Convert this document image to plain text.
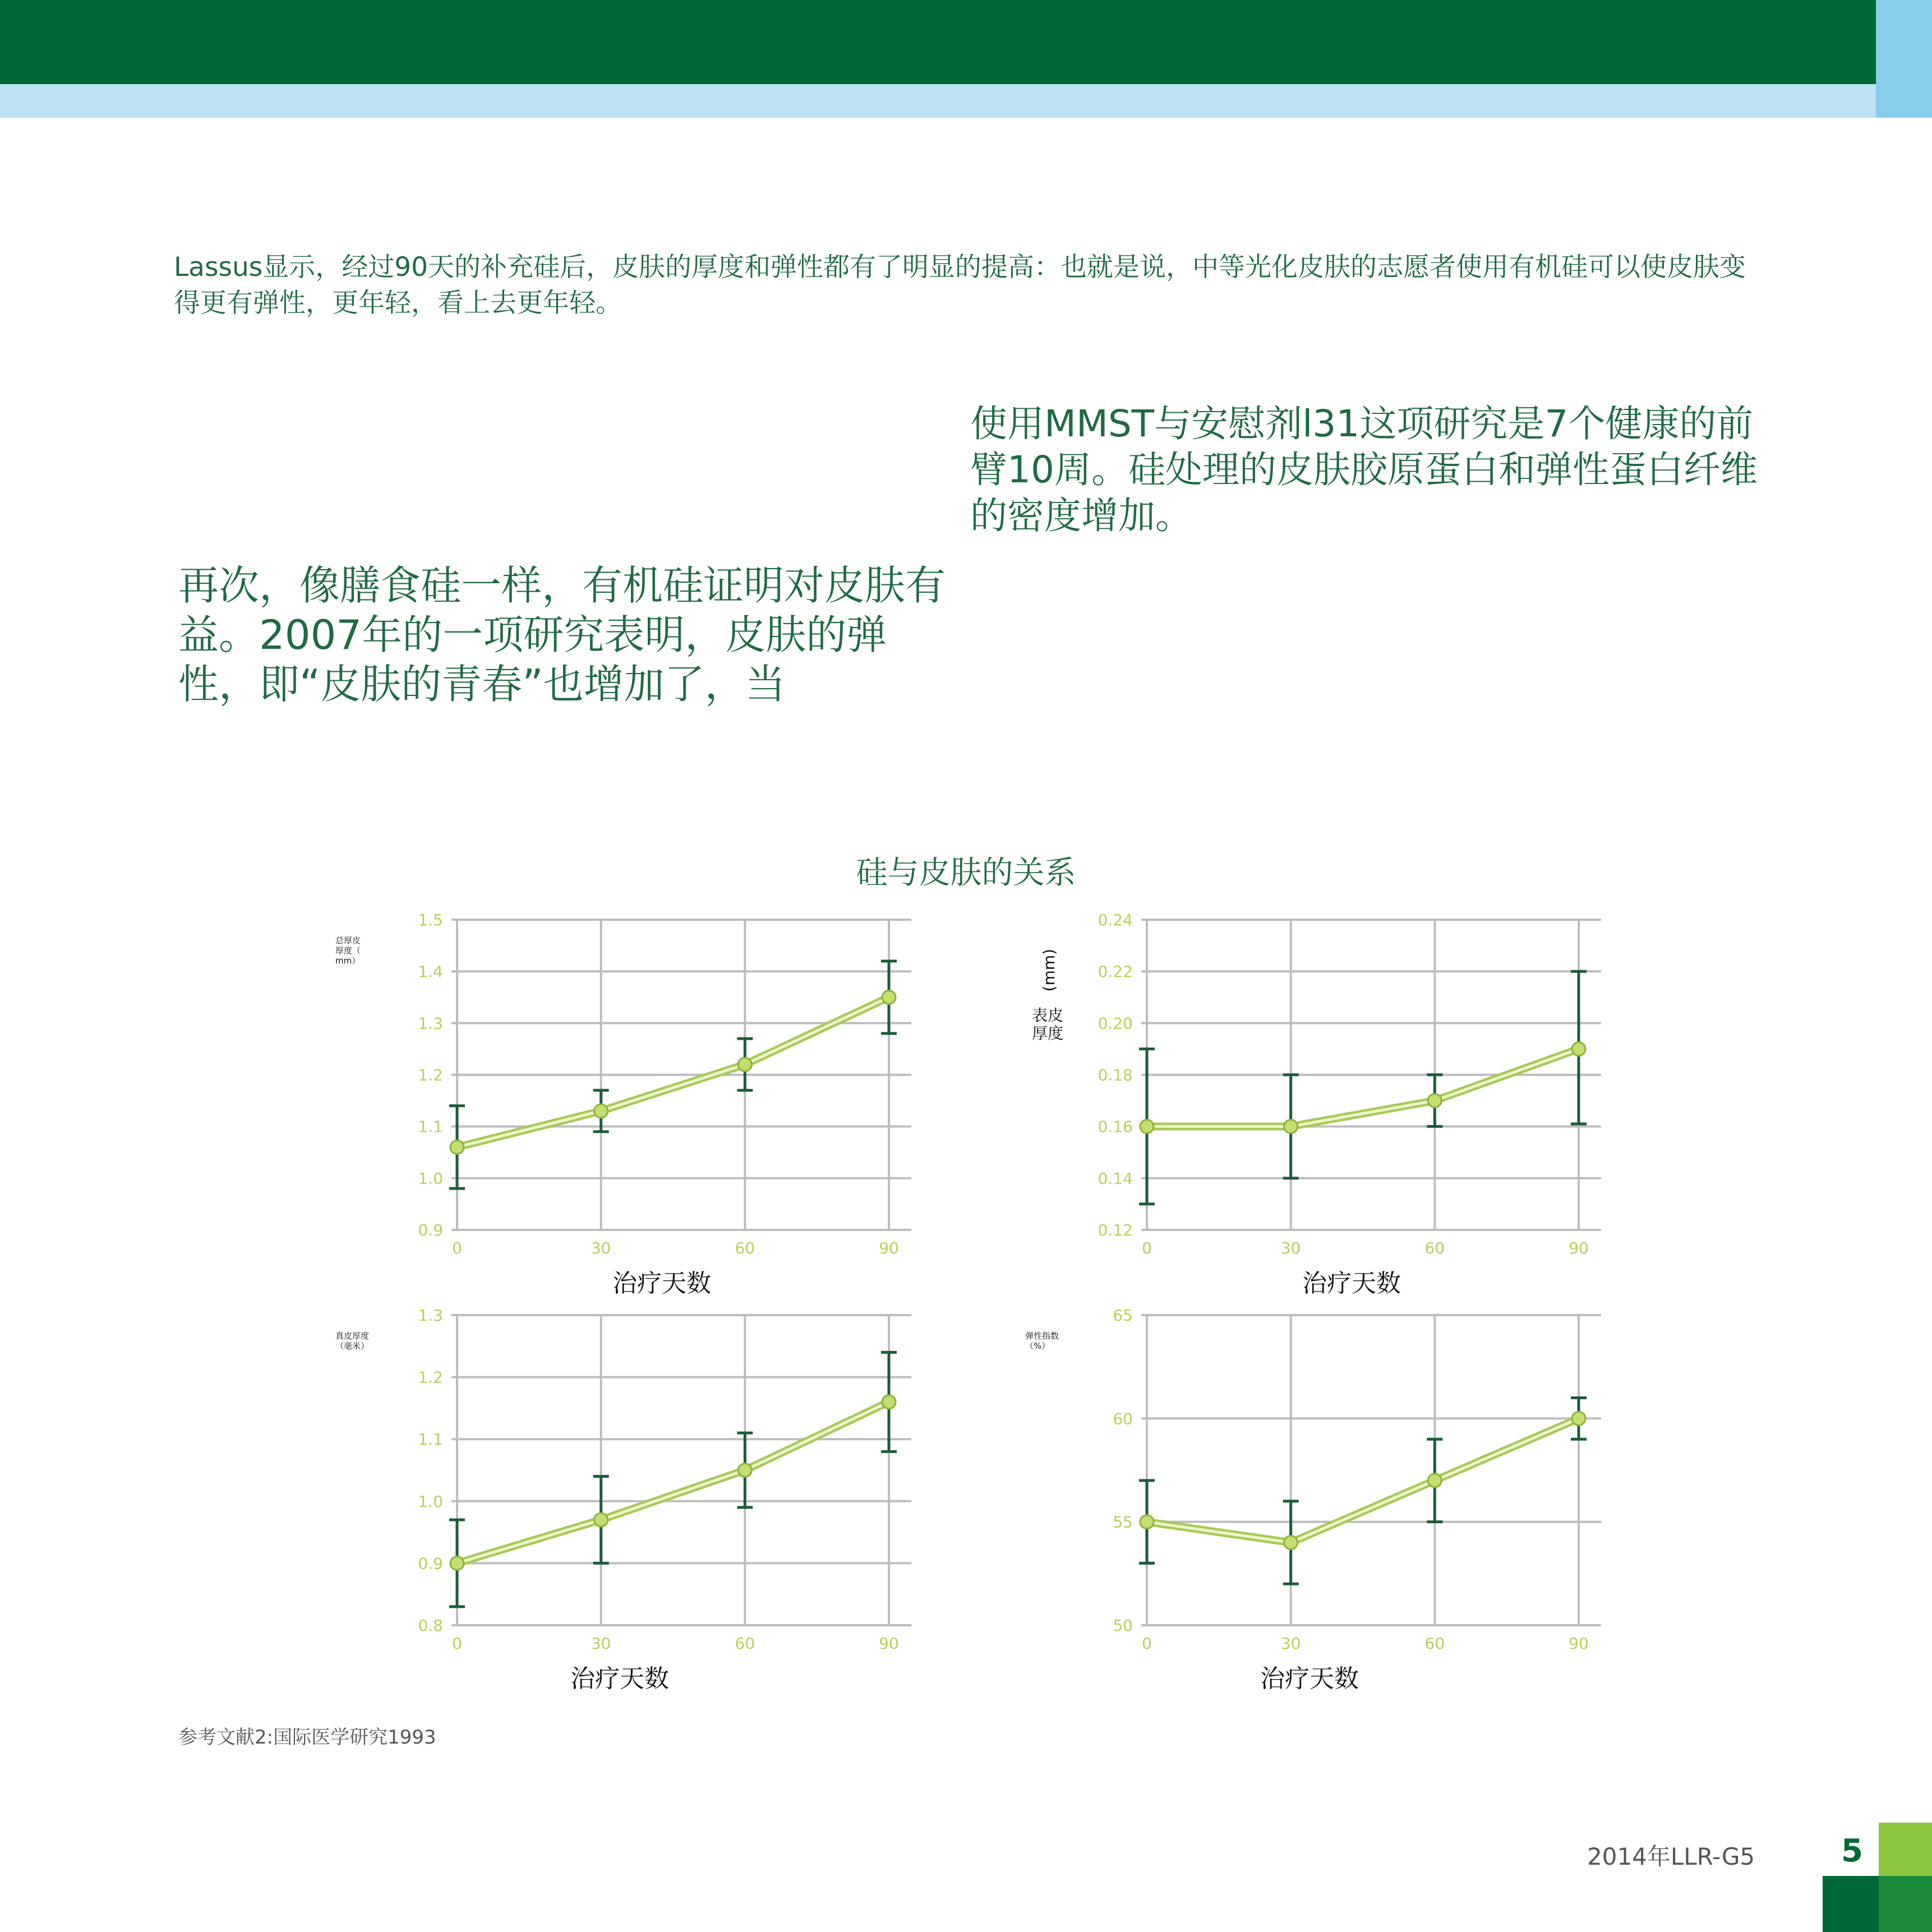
Lassus显示，经过90天的补充硅后，皮肤的厚度和弹性都有了明显的提高：也就是说，中等光化皮肤的志愿者使用有机硅可以使皮肤变得更有弹性，更年轻，看上去更年轻。
使用MMST与安慰剂l31这项研究是7个健康的前臂10周。硅处理的皮肤胶原蛋白和弹性蛋白纤维的密度增加。
再次，像膳食硅一样，有机硅证明对皮肤有益。2007年的一项研究表明，皮肤的弹性，即“皮肤的青春”也增加了，当
硅与皮肤的关系
1.5
1.4
1.3
1.2
1.1
1.0
0.9
0	30	60	90
治疗天数
总厚皮
厚度（
mm）
0.24
0.22
0.20
0.18
0.16
0.14
0.12
0	30	60	90
治疗天数
(mm)
表皮
厚度
1.3
1.2
1.1
1.0
0.9
0.8
0	30	60	90
治疗天数
真皮厚度
（毫米）
65
60
55
50
0	30	60	90
治疗天数
弹性指数
（%）
参考文献2:国际医学研究1993
2014年LLR-G5	5
